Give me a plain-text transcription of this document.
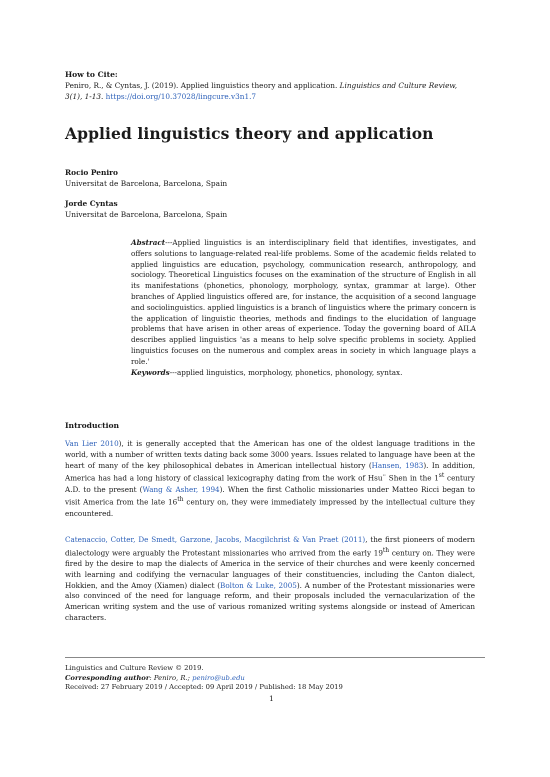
How to Cite:
Peniro, R., & Cyntas, J. (2019). Applied linguistics theory and application. Linguistics and Culture Review, 3(1), 1-13. https://doi.org/10.37028/lingcure.v3n1.7
Applied linguistics theory and application
Rocio Peniro
Universitat de Barcelona, Barcelona, Spain
Jorde Cyntas
Universitat de Barcelona, Barcelona, Spain
Abstract---Applied linguistics is an interdisciplinary field that identifies, investigates, and offers solutions to language-related real-life problems. Some of the academic fields related to applied linguistics are education, psychology, communication research, anthropology, and sociology. Theoretical Linguistics focuses on the examination of the structure of English in all its manifestations (phonetics, phonology, morphology, syntax, grammar at large). Other branches of Applied linguistics offered are, for instance, the acquisition of a second language and sociolinguistics. applied linguistics is a branch of linguistics where the primary concern is the application of linguistic theories, methods and findings to the elucidation of language problems that have arisen in other areas of experience. Today the governing board of AILA describes applied linguistics 'as a means to help solve specific problems in society. Applied linguistics focuses on the numerous and complex areas in society in which language plays a role.'
Keywords---applied linguistics, morphology, phonetics, phonology, syntax.
Introduction
Van Lier 2010), it is generally accepted that the American has one of the oldest language traditions in the world, with a number of written texts dating back some 3000 years. Issues related to language have been at the heart of many of the key philosophical debates in American intellectual history (Hansen, 1983). In addition, America has had a long history of classical lexicography dating from the work of Hsu¨ Shen in the 1st century A.D. to the present (Wang & Asher, 1994). When the first Catholic missionaries under Matteo Ricci began to visit America from the late 16th century on, they were immediately impressed by the intellectual culture they encountered.
Catenaccio, Cotter, De Smedt, Garzone, Jacobs, Macgilchrist & Van Praet (2011), the first pioneers of modern dialectology were arguably the Protestant missionaries who arrived from the early 19th century on. They were fired by the desire to map the dialects of America in the service of their churches and were keenly concerned with learning and codifying the vernacular languages of their constituencies, including the Canton dialect, Hokkien, and the Amoy (Xiamen) dialect (Bolton & Luke, 2005). A number of the Protestant missionaries were also convinced of the need for language reform, and their proposals included the vernacularization of the American writing system and the use of various romanized writing systems alongside or instead of American characters.
Linguistics and Culture Review © 2019.
Corresponding author: Peniro, R.; peniro@ub.edu
Received: 27 February 2019 / Accepted: 09 April 2019 / Published: 18 May 2019
1
